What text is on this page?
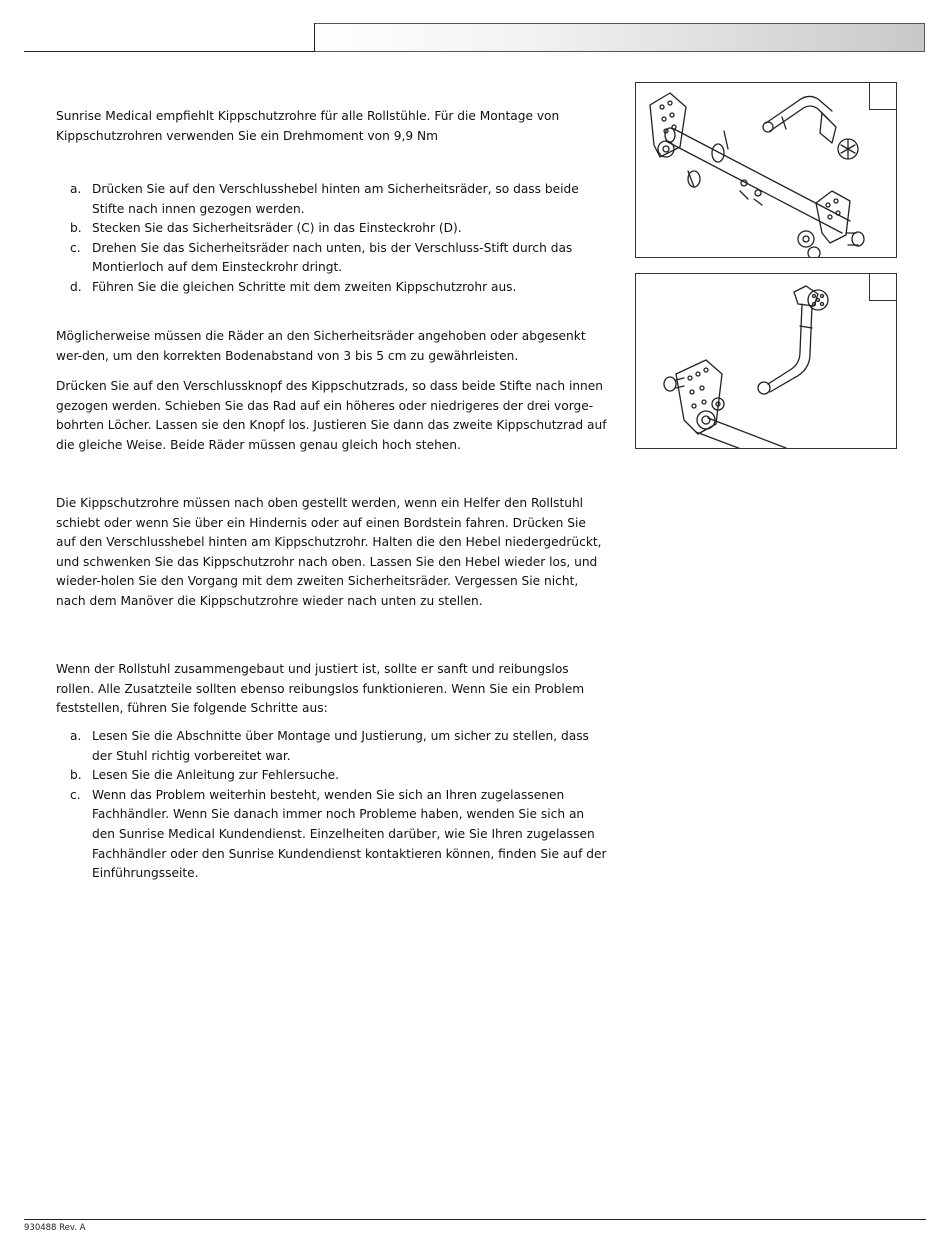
Sunrise Medical empfiehlt Kippschutzrohre für alle Rollstühle. Für die Montage von Kippschutzrohren verwenden Sie ein Drehmoment von 9,9 Nm

a. Drücken Sie auf den Verschlusshebel hinten am Sicherheitsräder, so dass beide Stifte nach innen gezogen werden.
b. Stecken Sie das Sicherheitsräder (C) in das Einsteckrohr (D).
c. Drehen Sie das Sicherheitsräder nach unten, bis der Verschluss-Stift durch das Montierloch auf dem Einsteckrohr dringt.
d. Führen Sie die gleichen Schritte mit dem zweiten Kippschutzrohr aus.

Möglicherweise müssen die Räder an den Sicherheitsräder angehoben oder abgesenkt wer-den, um den korrekten Bodenabstand von 3 bis 5 cm zu gewährleisten.

Drücken Sie auf den Verschlussknopf des Kippschutzrads, so dass beide Stifte nach innen gezogen werden. Schieben Sie das Rad auf ein höheres oder niedrigeres der drei vorge-bohrten Löcher. Lassen sie den Knopf los. Justieren Sie dann das zweite Kippschutzrad auf die gleiche Weise. Beide Räder müssen genau gleich hoch stehen.

Die Kippschutzrohre müssen nach oben gestellt werden, wenn ein Helfer den Rollstuhl schiebt oder wenn Sie über ein Hindernis oder auf einen Bordstein fahren. Drücken Sie auf den Verschlusshebel hinten am Kippschutzrohr. Halten die den Hebel niedergedrückt, und schwenken Sie das Kippschutzrohr nach oben. Lassen Sie den Hebel wieder los, und wieder-holen Sie den Vorgang mit dem zweiten Sicherheitsräder. Vergessen Sie nicht, nach dem Manöver die Kippschutzrohre wieder nach unten zu stellen.

Wenn der Rollstuhl zusammengebaut und justiert ist, sollte er sanft und reibungslos rollen. Alle Zusatzteile sollten ebenso reibungslos funktionieren. Wenn Sie ein Problem feststellen, führen Sie folgende Schritte aus:

a. Lesen Sie die Abschnitte über Montage und Justierung, um sicher zu stellen, dass der Stuhl richtig vorbereitet war.
b. Lesen Sie die Anleitung zur Fehlersuche.
c. Wenn das Problem weiterhin besteht, wenden Sie sich an Ihren zugelassenen Fachhändler. Wenn Sie danach immer noch Probleme haben, wenden Sie sich an den Sunrise Medical Kundendienst. Einzelheiten darüber, wie Sie Ihren zugelassen Fachhändler oder den Sunrise Kundendienst kontaktieren können, finden Sie auf der Einführungsseite.
930488 Rev. A
